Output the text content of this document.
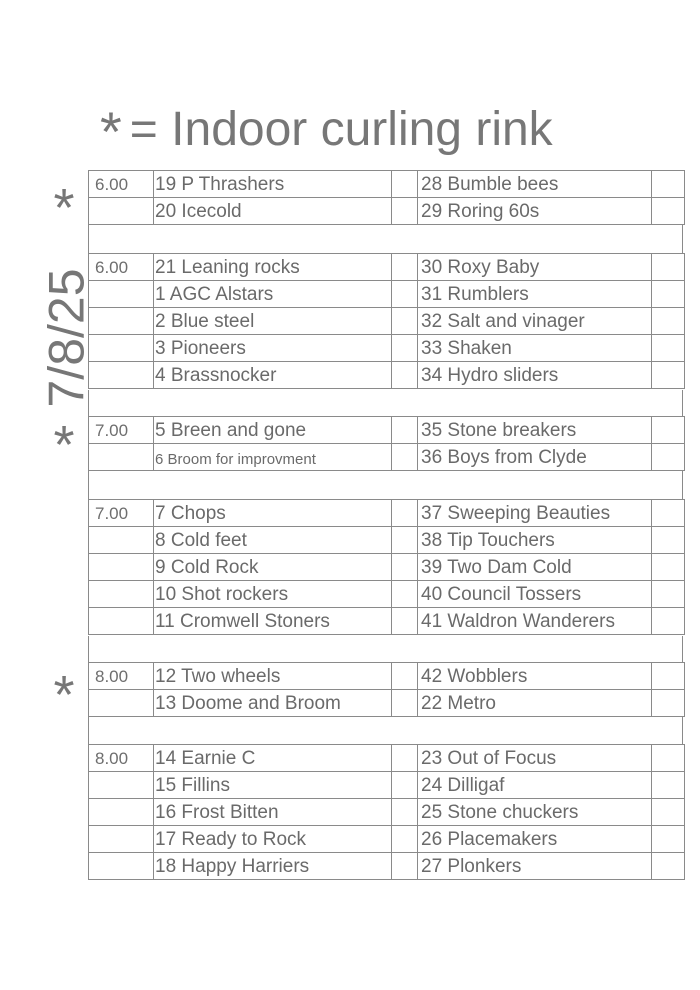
* = Indoor curling rink
7/8/25
*
*
*
6.00 19 P Thrashers	28 Bumble bees
20 Icecold	29 Roring 60s
6.00 21 Leaning rocks	30 Roxy Baby
1 AGC Alstars	31 Rumblers
2 Blue steel	32 Salt and vinager
3 Pioneers	33 Shaken
4 Brassnocker	34 Hydro sliders
7.00 5 Breen and gone	35 Stone breakers
6 Broom for improvment	36 Boys from Clyde
7.00 7 Chops	37 Sweeping Beauties
8 Cold feet	38 Tip Touchers
9 Cold Rock	39 Two Dam Cold
10 Shot rockers	40 Council Tossers
11 Cromwell Stoners	41 Waldron Wanderers
8.00 12 Two wheels	42 Wobblers
13 Doome and Broom	22 Metro
8.00 14 Earnie C	23 Out of Focus
15 Fillins	24 Dilligaf
16 Frost Bitten	25 Stone chuckers
17 Ready to Rock	26 Placemakers
18 Happy Harriers	27 Plonkers
